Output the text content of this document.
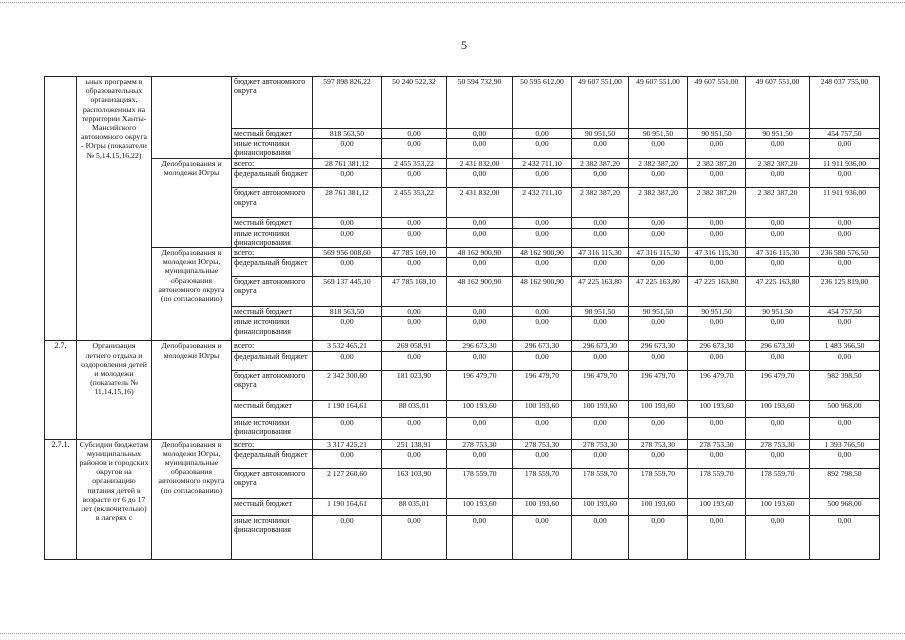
5
	ьных программ в образовательных организациях, расположенных на территории Ханты-Мансийского автономного округа - Югры (показатели № 5,14,15,16,22)		бюджет автономного округа	597 898 826,22	50 240 522,32	50 594 732,90	50 595 612,00	49 607 551,00	49 607 551,00	49 607 551,00	49 607 551,00	248 037 755,00
			местный бюджет	818 563,50	0,00	0,00	0,00	90 951,50	90 951,50	90 951,50	90 951,50	454 757,50
			иные источники финансирования	0,00	0,00	0,00	0,00	0,00	0,00	0,00	0,00	0,00
		Депобразования и молодежи Югры	всего:	28 761 381,12	2 455 353,22	2 431 832,00	2 432 711,10	2 382 387,20	2 382 387,20	2 382 387,20	2 382 387,20	11 911 936,00
			федеральный бюджет	0,00	0,00	0,00	0,00	0,00	0,00	0,00	0,00	0,00
			бюджет автономного округа	28 761 381,12	2 455 353,22	2 431 832,00	2 432 711,10	2 382 387,20	2 382 387,20	2 382 387,20	2 382 387,20	11 911 936,00
			местный бюджет	0,00	0,00	0,00	0,00	0,00	0,00	0,00	0,00	0,00
			иные источники финансирования	0,00	0,00	0,00	0,00	0,00	0,00	0,00	0,00	0,00
		Депобразования и молодежи Югры, муниципальные образования автономного округа (по согласованию)	всего:	569 956 008,60	47 785 169,10	48 162 900,90	48 162 900,90	47 316 115,30	47 316 115,30	47 316 115,30	47 316 115,30	236 580 576,50
			федеральный бюджет	0,00	0,00	0,00	0,00	0,00	0,00	0,00	0,00	0,00
			бюджет автономного округа	569 137 445,10	47 785 169,10	48 162 900,90	48 162 900,90	47 225 163,80	47 225 163,80	47 225 163,80	47 225 163,80	236 125 819,00
			местный бюджет	818 563,50	0,00	0,00	0,00	90 951,50	90 951,50	90 951,50	90 951,50	454 757,50
			иные источники финансирования	0,00	0,00	0,00	0,00	0,00	0,00	0,00	0,00	0,00
2.7.	Организация летнего отдыха и оздоровления детей и молодежи (показатель № 11,14,15,16)	Депобразования и молодежи Югры	всего:	3 532 465,21	269 058,91	296 673,30	296 673,30	296 673,30	296 673,30	296 673,30	296 673,30	1 483 366,50
			федеральный бюджет	0,00	0,00	0,00	0,00	0,00	0,00	0,00	0,00	0,00
			бюджет автономного округа	2 342 300,60	181 023,90	196 479,70	196 479,70	196 479,70	196 479,70	196 479,70	196 479,70	982 398,50
			местный бюджет	1 190 164,61	88 035,01	100 193,60	100 193,60	100 193,60	100 193,60	100 193,60	100 193,60	500 968,00
			иные источники финансирования	0,00	0,00	0,00	0,00	0,00	0,00	0,00	0,00	0,00
2.7.1.	Субсидии бюджетам муниципальных районов и городских округов на организацию питания детей в возрасте от 6 до 17 лет (включительно) в лагерях с	Депобразования и молодежи Югры, муниципальные образования автономного округа (по согласованию)	всего:	3 317 425,21	251 138,91	278 753,30	278 753,30	278 753,30	278 753,30	278 753,30	278 753,30	1 393 766,50
			федеральный бюджет	0,00	0,00	0,00	0,00	0,00	0,00	0,00	0,00	0,00
			бюджет автономного округа	2 127 260,60	163 103,90	178 559,70	178 559,70	178 559,70	178 559,70	178 559,70	178 559,70	892 798,50
			местный бюджет	1 190 164,61	88 035,01	100 193,60	100 193,60	100 193,60	100 193,60	100 193,60	100 193,60	500 968,00
			иные источники финансирования	0,00	0,00	0,00	0,00	0,00	0,00	0,00	0,00	0,00
